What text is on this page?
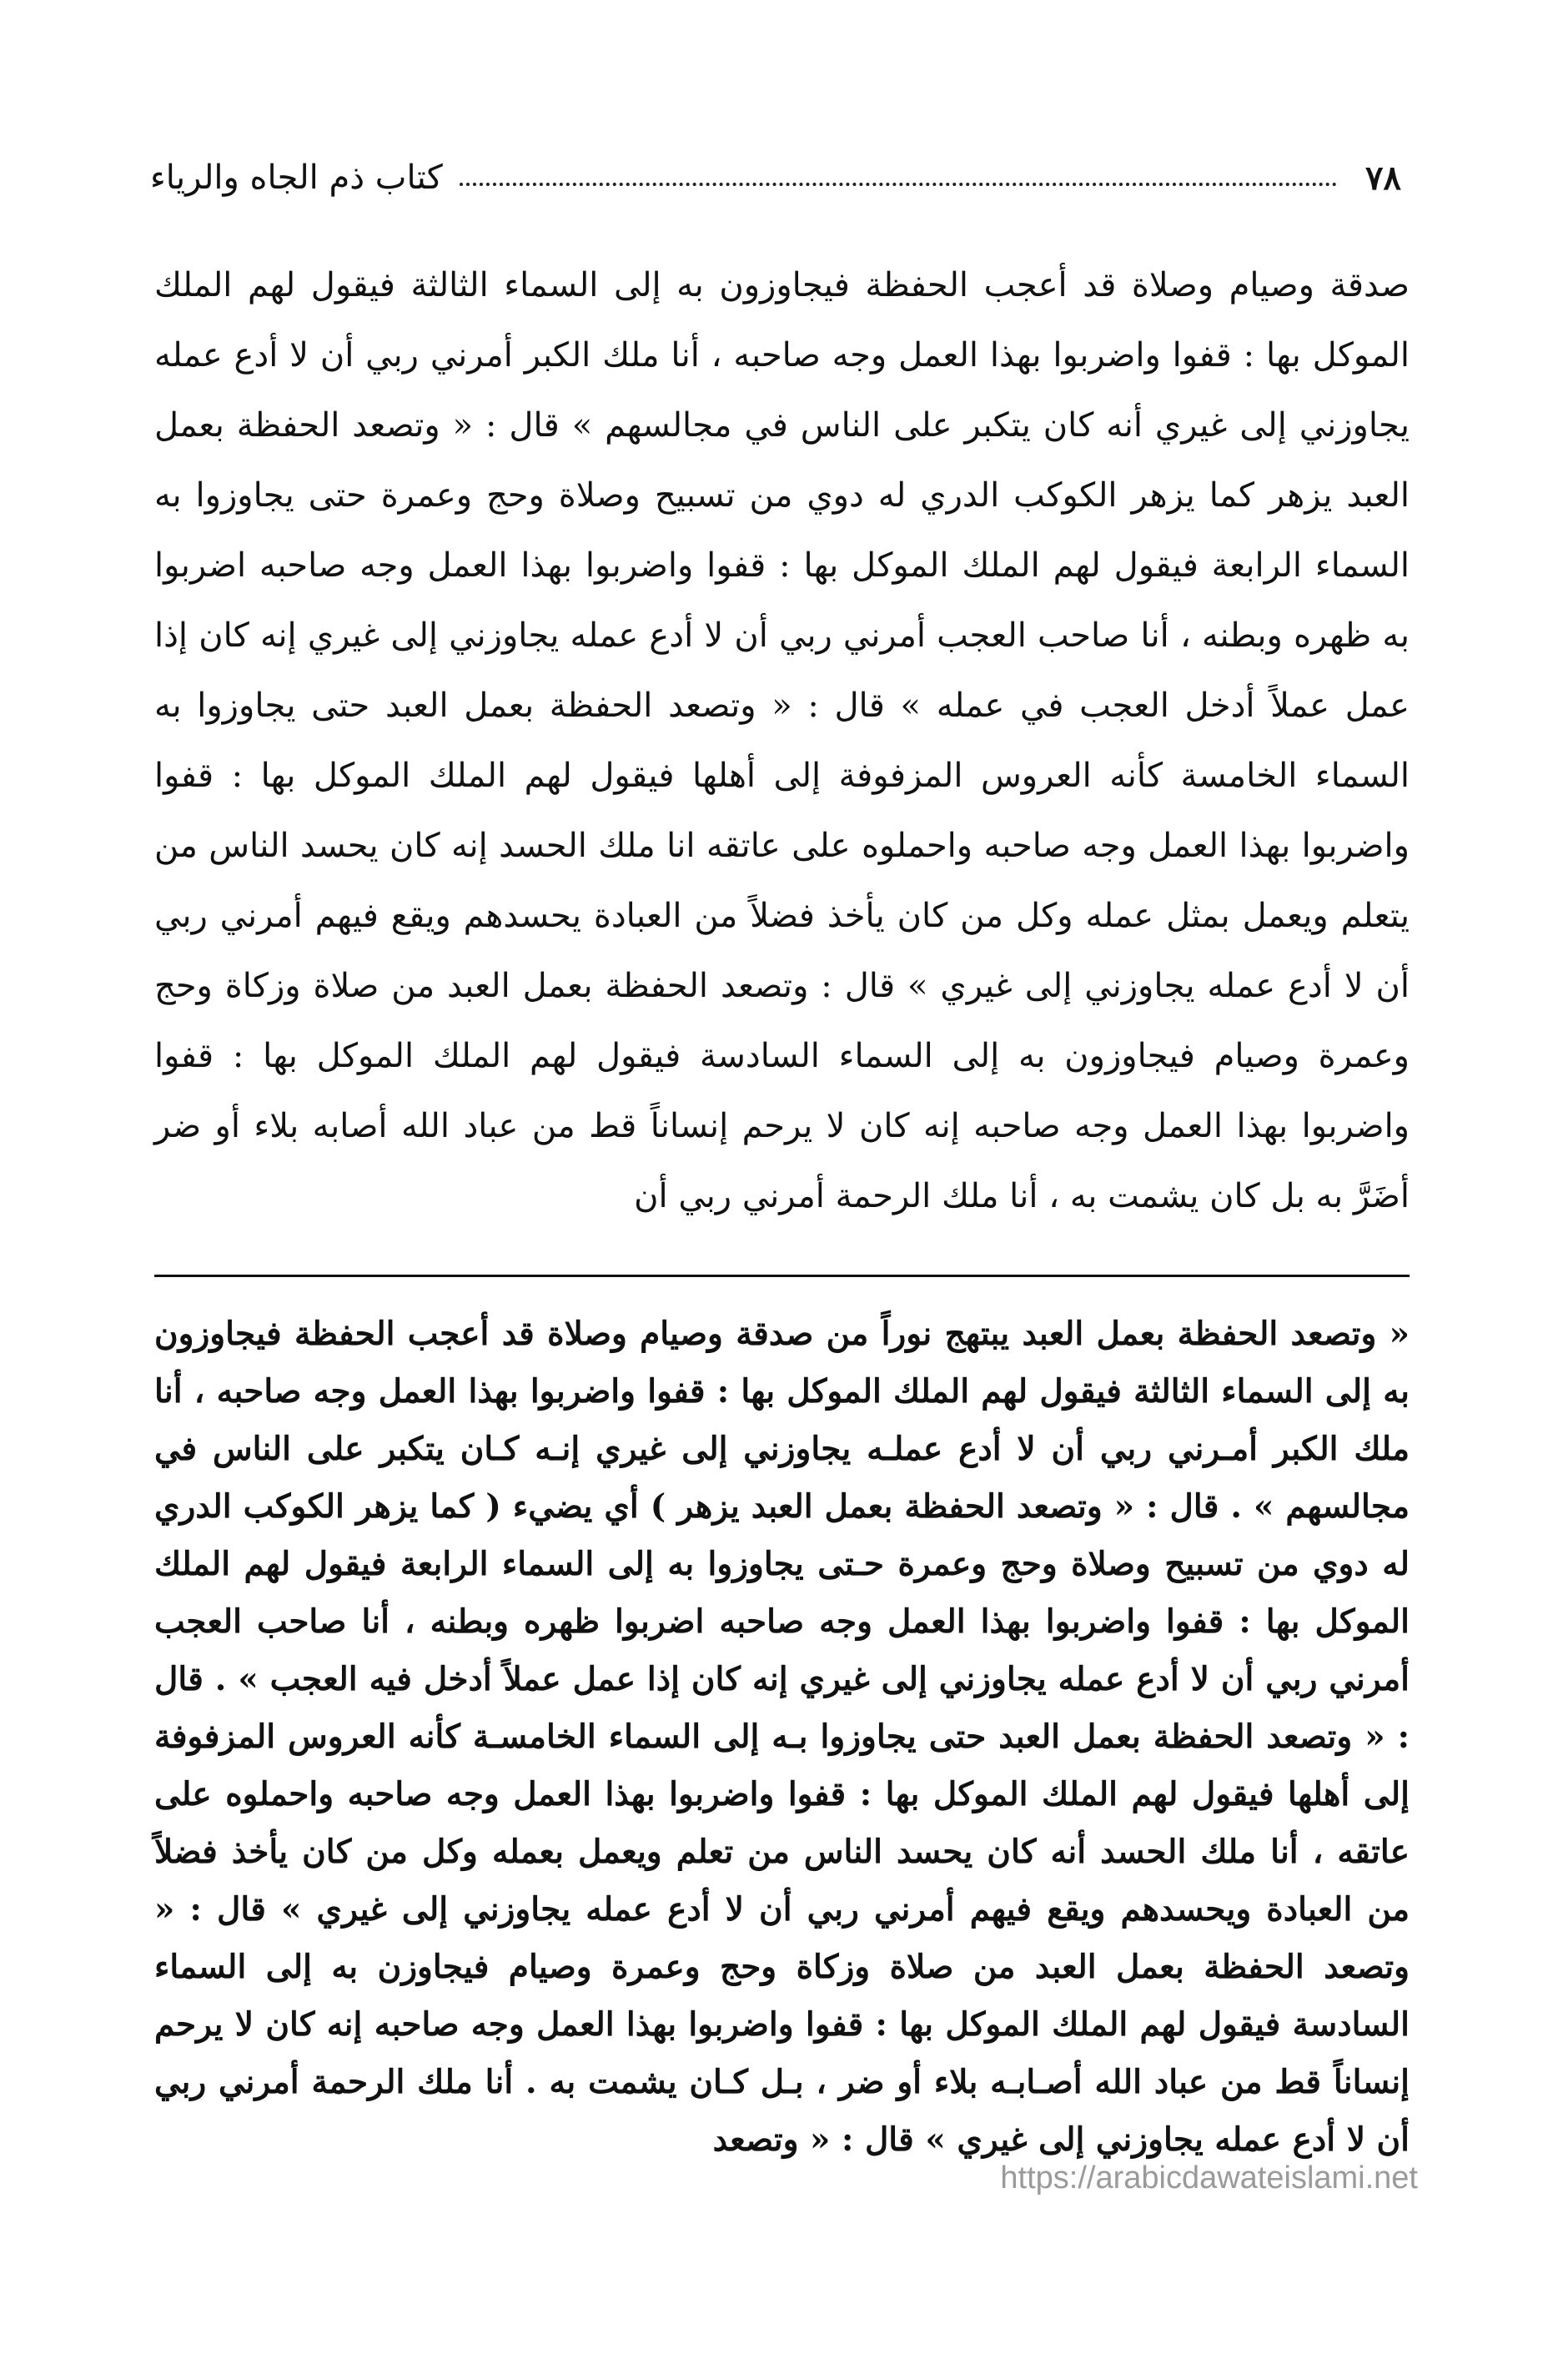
٧٨
كتاب ذم الجاه والرياء

صدقة وصيام وصلاة قد أعجب الحفظة فيجاوزون به إلى السماء الثالثة فيقول لهم الملك الموكل بها : قفوا واضربوا بهذا العمل وجه صاحبه ، أنا ملك الكبر أمرني ربي أن لا أدع عمله يجاوزني إلى غيري أنه كان يتكبر على الناس في مجالسهم » قال : « وتصعد الحفظة بعمل العبد يزهر كما يزهر الكوكب الدري له دوي من تسبيح وصلاة وحج وعمرة حتى يجاوزوا به السماء الرابعة فيقول لهم الملك الموكل بها : قفوا واضربوا بهذا العمل وجه صاحبه اضربوا به ظهره وبطنه ، أنا صاحب العجب أمرني ربي أن لا أدع عمله يجاوزني إلى غيري إنه كان إذا عمل عملاً أدخل العجب في عمله » قال : « وتصعد الحفظة بعمل العبد حتى يجاوزوا به السماء الخامسة كأنه العروس المزفوفة إلى أهلها فيقول لهم الملك الموكل بها : قفوا واضربوا بهذا العمل وجه صاحبه واحملوه على عاتقه انا ملك الحسد إنه كان يحسد الناس من يتعلم ويعمل بمثل عمله وكل من كان يأخذ فضلاً من العبادة يحسدهم ويقع فيهم أمرني ربي أن لا أدع عمله يجاوزني إلى غيري » قال : وتصعد الحفظة بعمل العبد من صلاة وزكاة وحج وعمرة وصيام فيجاوزون به إلى السماء السادسة فيقول لهم الملك الموكل بها : قفوا واضربوا بهذا العمل وجه صاحبه إنه كان لا يرحم إنساناً قط من عباد الله أصابه بلاء أو ضر أضَرَّ به بل كان يشمت به ، أنا ملك الرحمة أمرني ربي أن

« وتصعد الحفظة بعمل العبد يبتهج نوراً من صدقة وصيام وصلاة قد أعجب الحفظة فيجاوزون به إلى السماء الثالثة فيقول لهم الملك الموكل بها : قفوا واضربوا بهذا العمل وجه صاحبه ، أنا ملك الكبر أمـرني ربي أن لا أدع عملـه يجاوزني إلى غيري إنـه كـان يتكبر على الناس في مجالسهم » . قال : « وتصعد الحفظة بعمل العبد يزهر ) أي يضيء ( كما يزهر الكوكب الدري له دوي من تسبيح وصلاة وحج وعمرة حـتى يجاوزوا به إلى السماء الرابعة فيقول لهم الملك الموكل بها : قفوا واضربوا بهذا العمل وجه صاحبه اضربوا ظهره وبطنه ، أنا صاحب العجب أمرني ربي أن لا أدع عمله يجاوزني إلى غيري إنه كان إذا عمل عملاً أدخل فيه العجب » . قال : « وتصعد الحفظة بعمل العبد حتى يجاوزوا بـه إلى السماء الخامسـة كأنه العروس المزفوفة إلى أهلها فيقول لهم الملك الموكل بها : قفوا واضربوا بهذا العمل وجه صاحبه واحملوه على عاتقه ، أنا ملك الحسد أنه كان يحسد الناس من تعلم ويعمل بعمله وكل من كان يأخذ فضلاً من العبادة ويحسدهم ويقع فيهم أمرني ربي أن لا أدع عمله يجاوزني إلى غيري » قال : « وتصعد الحفظة بعمل العبد من صلاة وزكاة وحج وعمرة وصيام فيجاوزن به إلى السماء السادسة فيقول لهم الملك الموكل بها : قفوا واضربوا بهذا العمل وجه صاحبه إنه كان لا يرحم إنساناً قط من عباد الله أصـابـه بلاء أو ضر ، بـل كـان يشمت به . أنا ملك الرحمة أمرني ربي أن لا أدع عمله يجاوزني إلى غيري » قال : « وتصعد

https://arabicdawateislami.net
